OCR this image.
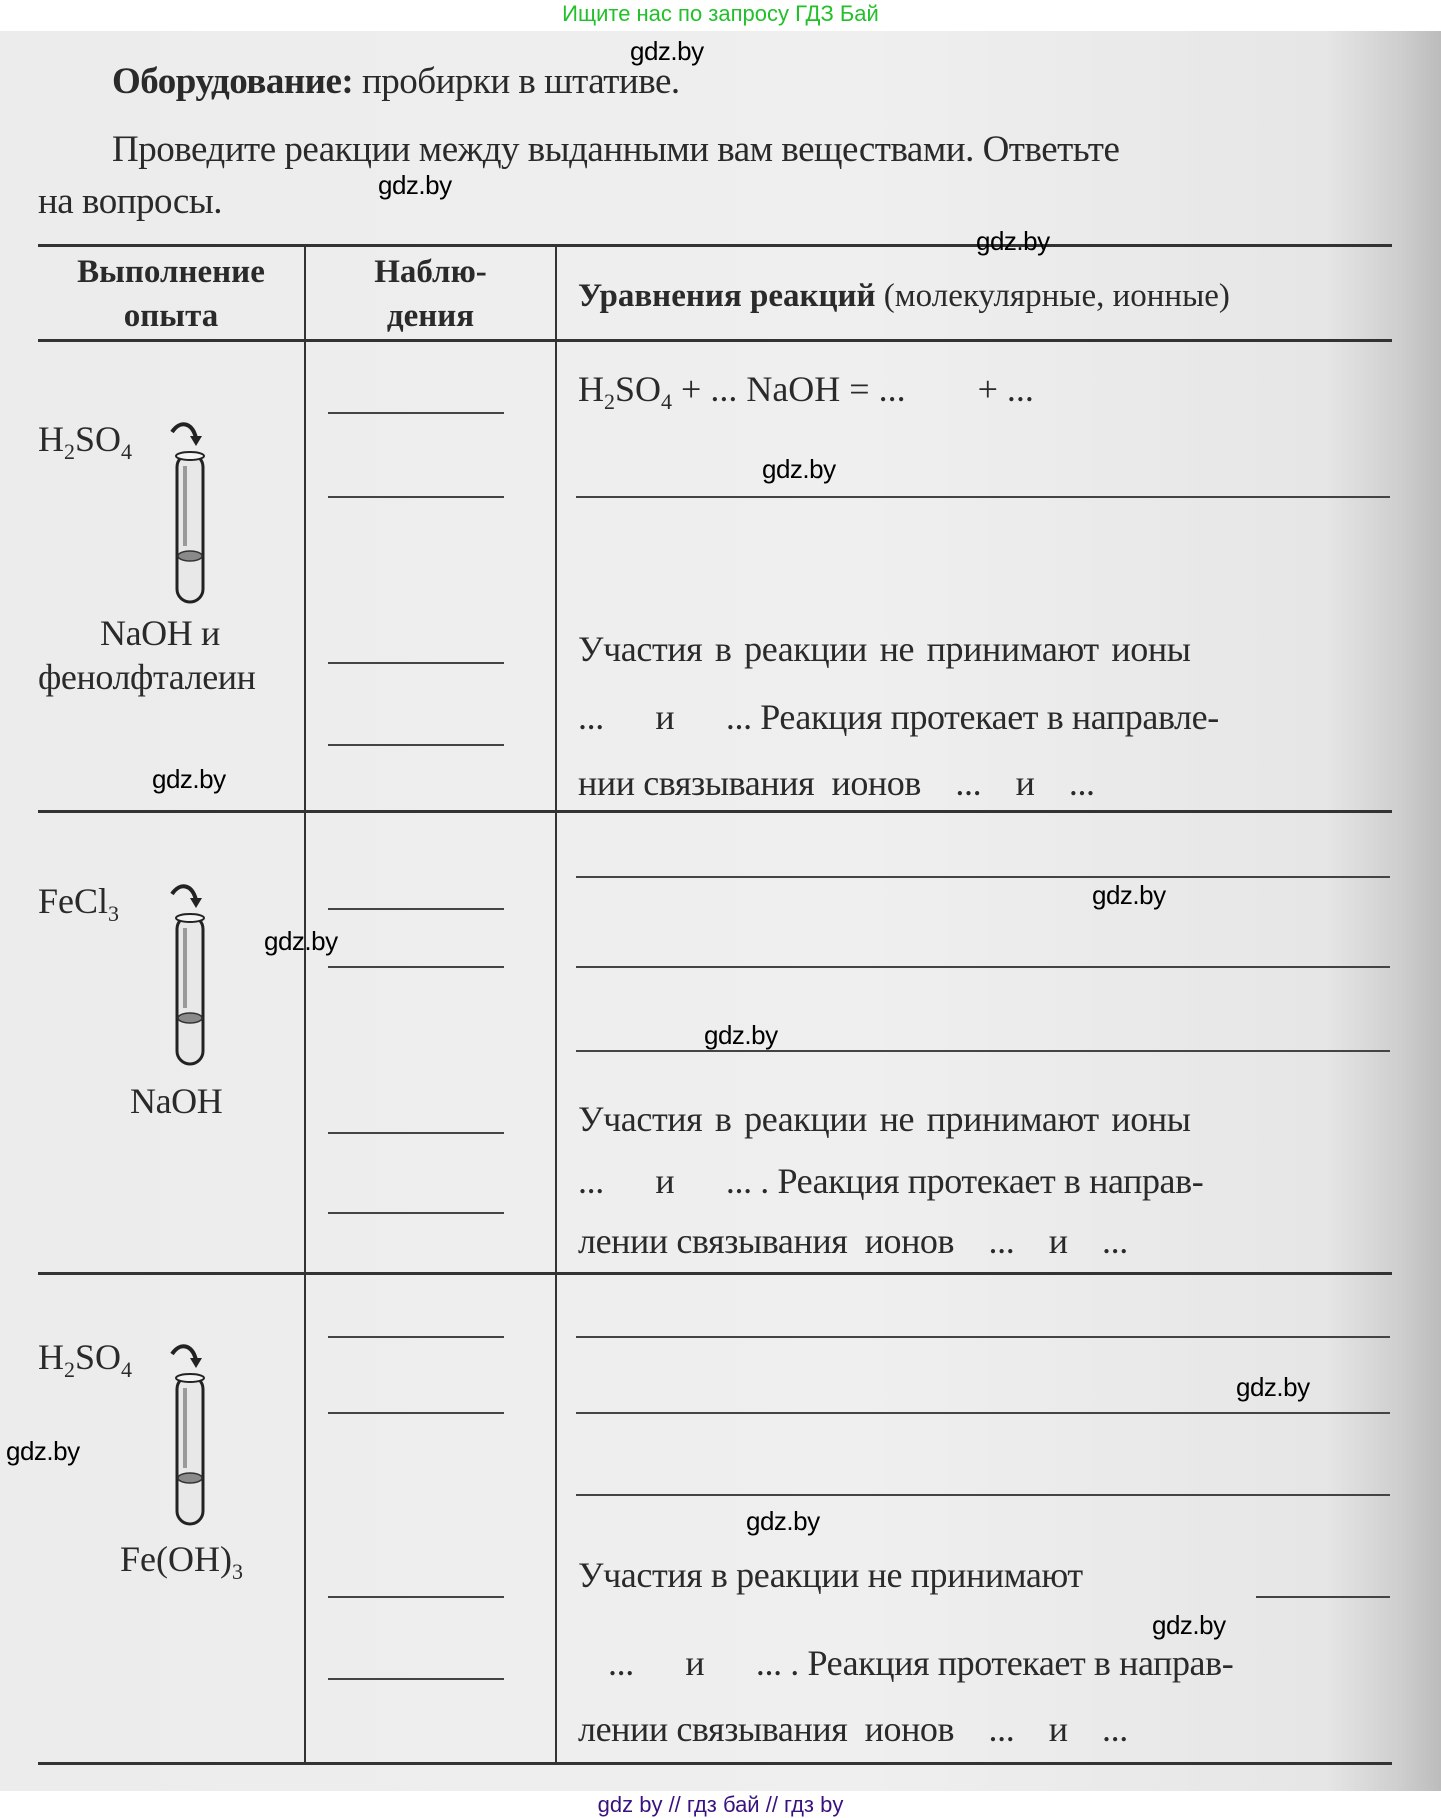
Ищите нас по запросу ГДЗ Бай
Оборудование: пробирки в штативе.
Проведите реакции между выданными вам веществами. Ответьте
на вопросы.
Выполнение
опыта
Наблю-
дения
Уравнения реакций (молекулярные, ионные)
$H_2SO_4$
NaOH и
фенолфталеин
$H_2SO_4$ + ... NaOH = ...        + ...
Участия в реакции не принимают ионы
...      и      ... Реакция протекает в направле-
нии связывания  ионов    ...    и    ...
FeCl$_3$
NaOH	Участия в реакции не принимают ионы
...      и      ... . Реакция протекает в направ-
лении связывания  ионов    ...    и    ...
$H_2SO_4$
$Fe(OH)_3$	Участия в реакции не принимают
...      и      ... . Реакция протекает в направ-
лении связывания  ионов    ...    и    ...
gdz.by
gdz.by
gdz.by
gdz.by
gdz.by
gdz.by
gdz.by
gdz.by
gdz.by
gdz.by
gdz.by
gdz.by
gdz by // гдз бай // гдз by
